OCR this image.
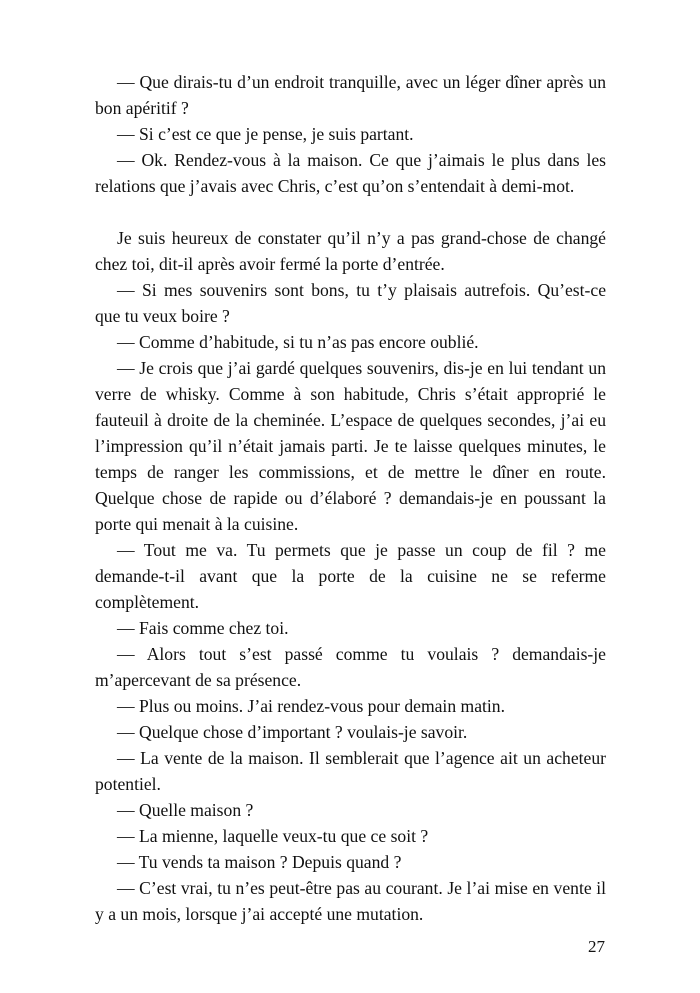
— Que dirais-tu d’un endroit tranquille, avec un léger dîner après un bon apéritif ?

— Si c’est ce que je pense, je suis partant.

— Ok. Rendez-vous à la maison. Ce que j’aimais le plus dans les relations que j’avais avec Chris, c’est qu’on s’entendait à demi-mot.

Je suis heureux de constater qu’il n’y a pas grand-chose de changé chez toi, dit-il après avoir fermé la porte d’entrée.

— Si mes souvenirs sont bons, tu t’y plaisais autrefois. Qu’est-ce que tu veux boire ?

— Comme d’habitude, si tu n’as pas encore oublié.

— Je crois que j’ai gardé quelques souvenirs, dis-je en lui tendant un verre de whisky. Comme à son habitude, Chris s’était approprié le fauteuil à droite de la cheminée. L’espace de quelques secondes, j’ai eu l’impression qu’il n’était jamais parti. Je te laisse quelques minutes, le temps de ranger les commissions, et de mettre le dîner en route. Quelque chose de rapide ou d’élaboré ? demandais-je en poussant la porte qui menait à la cuisine.

— Tout me va. Tu permets que je passe un coup de fil ? me demande-t-il avant que la porte de la cuisine ne se referme complètement.

— Fais comme chez toi.

— Alors tout s’est passé comme tu voulais ? demandais-je m’apercevant de sa présence.

— Plus ou moins. J’ai rendez-vous pour demain matin.

— Quelque chose d’important ? voulais-je savoir.

— La vente de la maison. Il semblerait que l’agence ait un acheteur potentiel.

— Quelle maison ?

— La mienne, laquelle veux-tu que ce soit ?

— Tu vends ta maison ? Depuis quand ?

— C’est vrai, tu n’es peut-être pas au courant. Je l’ai mise en vente il y a un mois, lorsque j’ai accepté une mutation.

27
